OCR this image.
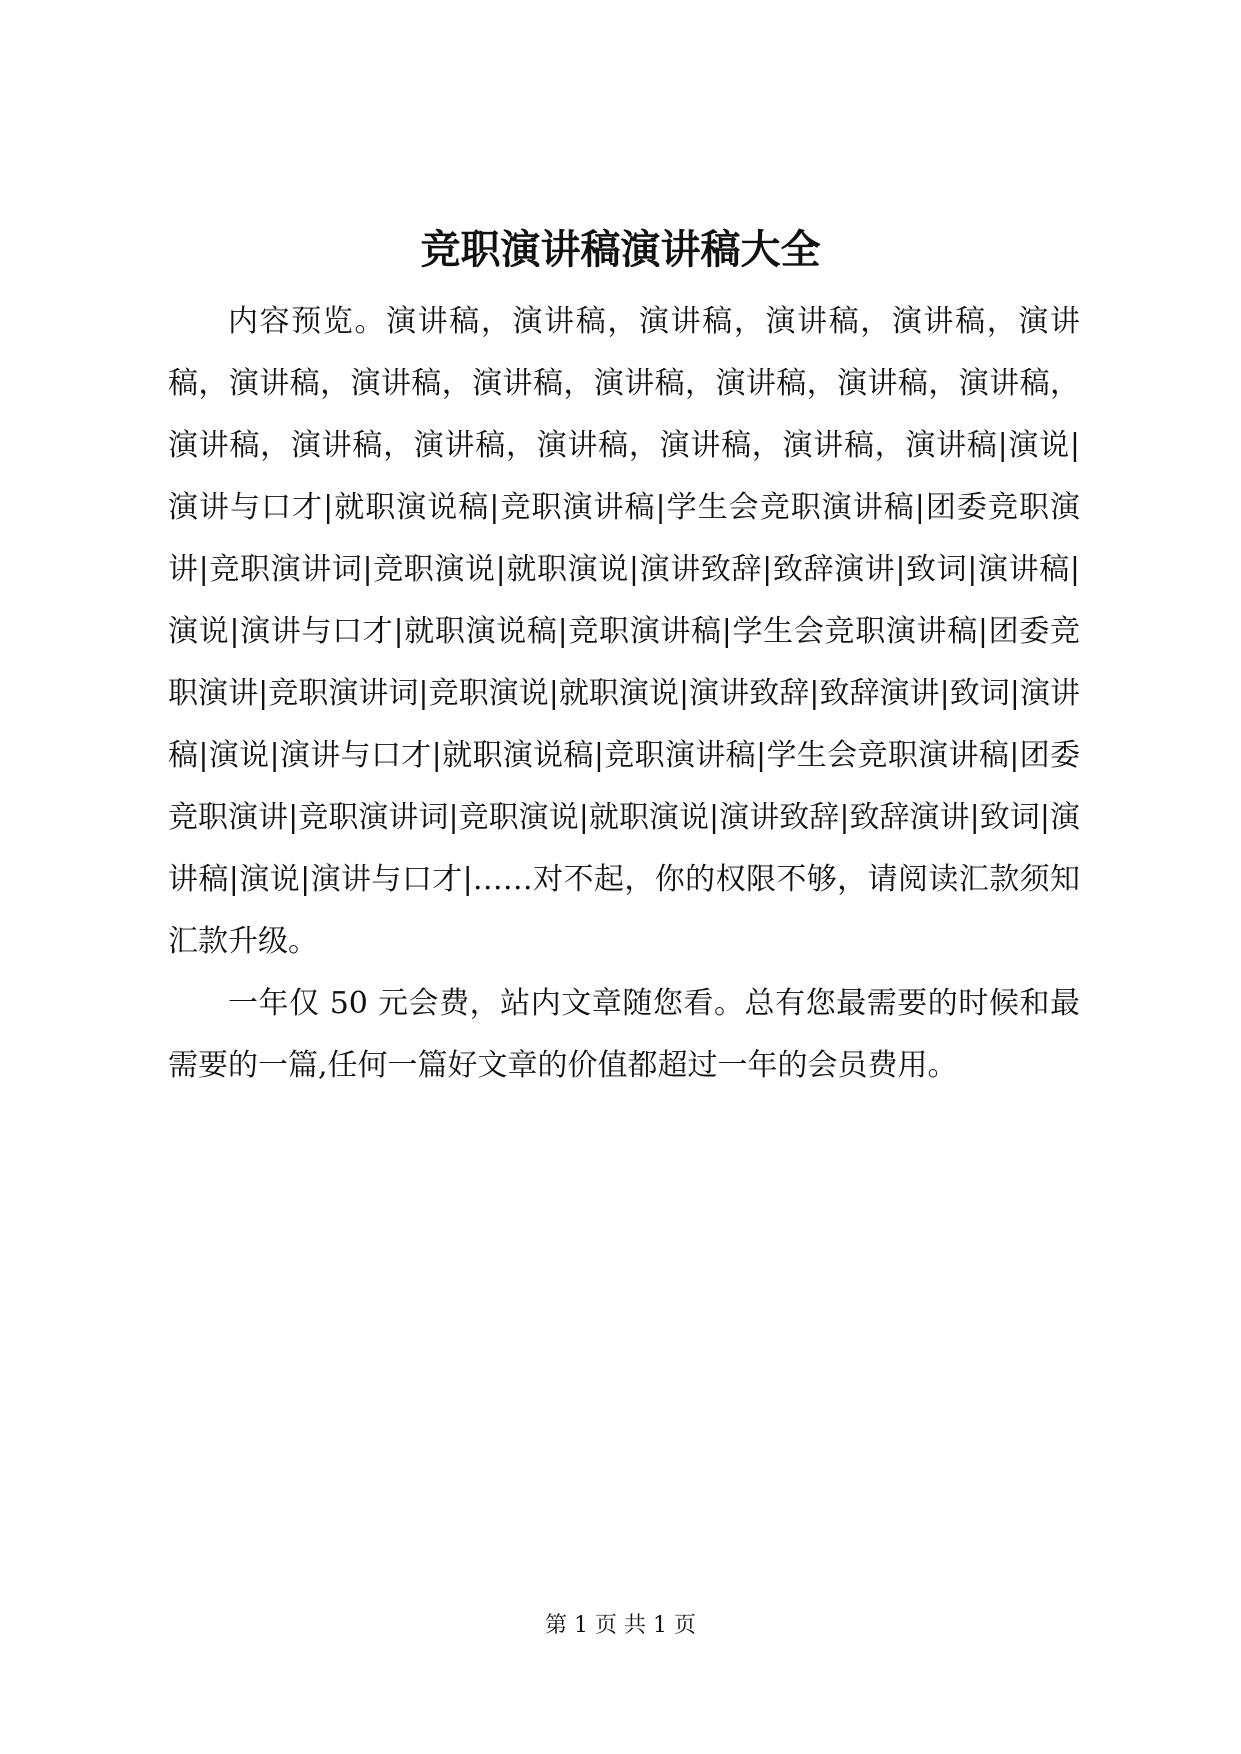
竞职演讲稿演讲稿大全

内容预览。演讲稿，演讲稿，演讲稿，演讲稿，演讲稿，演讲稿，演讲稿，演讲稿，演讲稿，演讲稿，演讲稿，演讲稿，演讲稿，演讲稿，演讲稿，演讲稿，演讲稿，演讲稿，演讲稿，演讲稿|演说|演讲与口才|就职演说稿|竞职演讲稿|学生会竞职演讲稿|团委竞职演讲|竞职演讲词|竞职演说|就职演说|演讲致辞|致辞演讲|致词|演讲稿|演说|演讲与口才|就职演说稿|竞职演讲稿|学生会竞职演讲稿|团委竞职演讲|竞职演讲词|竞职演说|就职演说|演讲致辞|致辞演讲|致词|演讲稿|演说|演讲与口才|就职演说稿|竞职演讲稿|学生会竞职演讲稿|团委竞职演讲|竞职演讲词|竞职演说|就职演说|演讲致辞|致辞演讲|致词|演讲稿|演说|演讲与口才|……对不起，你的权限不够，请阅读汇款须知汇款升级。

一年仅 50 元会费，站内文章随您看。总有您最需要的时候和最需要的一篇,任何一篇好文章的价值都超过一年的会员费用。

第 1 页 共 1 页
